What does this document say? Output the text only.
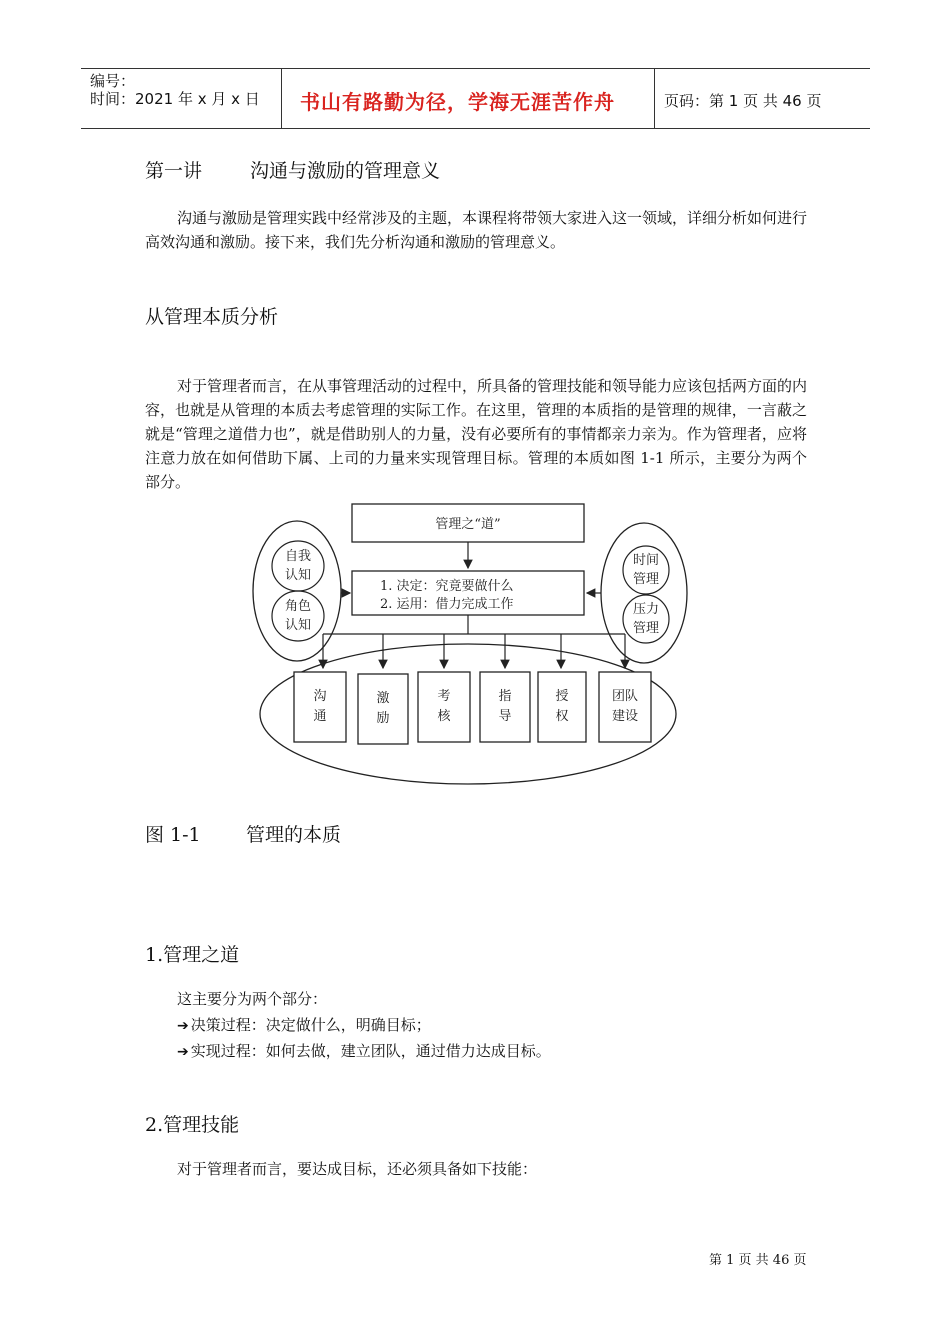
编号：
时间：2021 年 x 月 x 日 书山有路勤为径，学海无涯苦作舟	页码：第 1 页 共 46 页
第一讲	沟通与激励的管理意义
沟通与激励是管理实践中经常涉及的主题，本课程将带领大家进入这一领域，详细分析如何进行高效沟通和激励。接下来，我们先分析沟通和激励的管理意义。
从管理本质分析
对于管理者而言，在从事管理活动的过程中，所具备的管理技能和领导能力应该包括两方面的内容，也就是从管理的本质去考虑管理的实际工作。在这里，管理的本质指的是管理的规律，一言蔽之就是“管理之道借力也”，就是借助别人的力量，没有必要所有的事情都亲力亲为。作为管理者，应将注意力放在如何借助下属、上司的力量来实现管理目标。管理的本质如图 1-1 所示，主要分为两个部分。
管理之“道”
1. 决定：究竟要做什么
2. 运用：借力完成工作
自我
认知
角色
认知
时间
管理
压力
管理
沟
通
激
励
考
核
指
导
授
权
团队
建设
图 1-1 管理的本质
1.管理之道
这主要分为两个部分：
➔ 决策过程：决定做什么，明确目标；
➔ 实现过程：如何去做，建立团队，通过借力达成目标。
2.管理技能
对于管理者而言，要达成目标，还必须具备如下技能：
第 1 页 共 46 页
